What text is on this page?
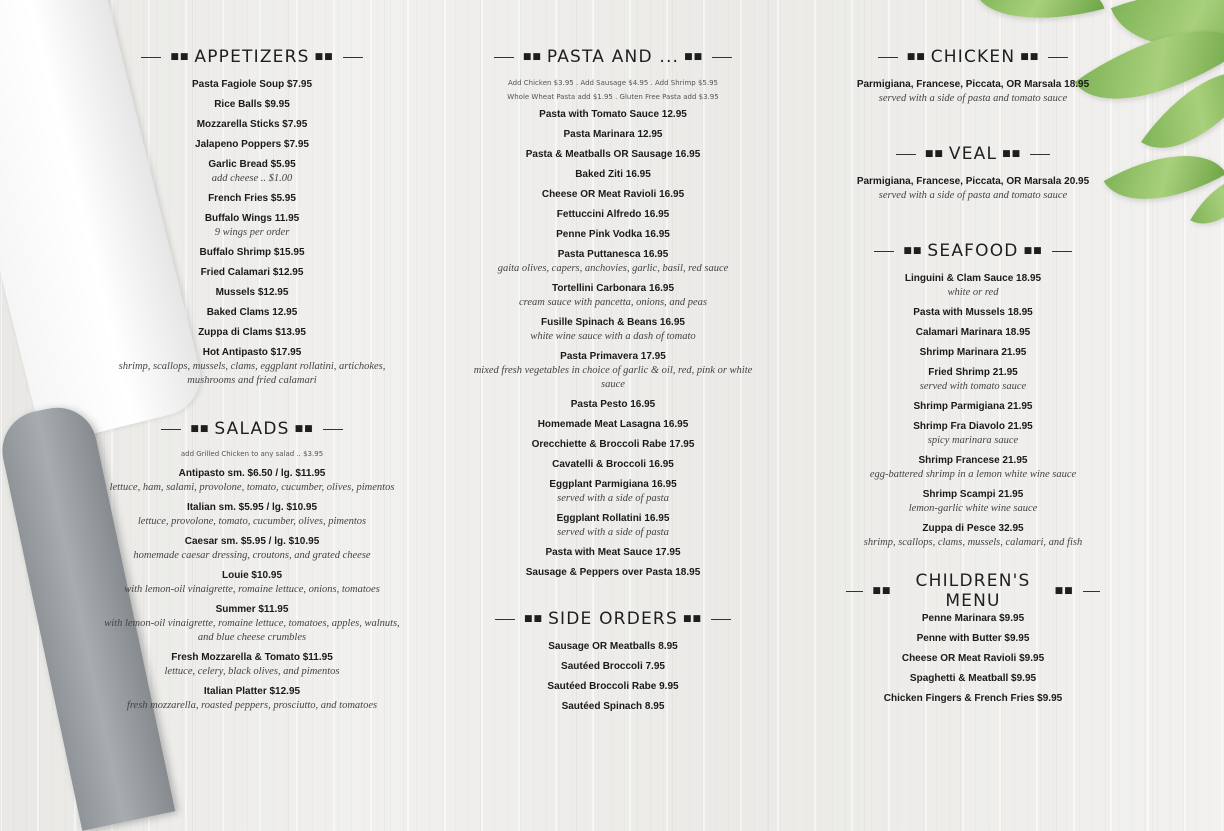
■■ APPETIZERS ■■
Pasta Fagiole Soup $7.95
Rice Balls $9.95
Mozzarella Sticks $7.95
Jalapeno Poppers $7.95
Garlic Bread $5.95
add cheese .. $1.00
French Fries $5.95
Buffalo Wings 11.95
9 wings per order
Buffalo Shrimp $15.95
Fried Calamari $12.95
Mussels $12.95
Baked Clams 12.95
Zuppa di Clams $13.95
Hot Antipasto $17.95
shrimp, scallops, mussels, clams, eggplant rollatini, artichokes, mushrooms and fried calamari
■■ SALADS ■■
add Grilled Chicken to any salad .. $3.95
Antipasto sm. $6.50 / lg. $11.95
lettuce, ham, salami, provolone, tomato, cucumber, olives, pimentos
Italian sm. $5.95 / lg. $10.95
lettuce, provolone, tomato, cucumber, olives, pimentos
Caesar sm. $5.95 / lg. $10.95
homemade caesar dressing, croutons, and grated cheese
Louie $10.95
with lemon-oil vinaigrette, romaine lettuce, onions, tomatoes
Summer $11.95
with lemon-oil vinaigrette, romaine lettuce, tomatoes, apples, walnuts, and blue cheese crumbles
Fresh Mozzarella & Tomato $11.95
lettuce, celery, black olives, and pimentos
Italian Platter $12.95
fresh mozzarella, roasted peppers, prosciutto, and tomatoes
■■ PASTA AND ... ■■
Add Chicken $3.95 . Add Sausage $4.95 . Add Shrimp $5.95
Whole Wheat Pasta add $1.95 . Gluten Free Pasta add $3.95
Pasta with Tomato Sauce 12.95
Pasta Marinara 12.95
Pasta & Meatballs OR Sausage 16.95
Baked Ziti 16.95
Cheese OR Meat Ravioli 16.95
Fettuccini Alfredo 16.95
Penne Pink Vodka 16.95
Pasta Puttanesca 16.95
gaita olives, capers, anchovies, garlic, basil, red sauce
Tortellini Carbonara 16.95
cream sauce with pancetta, onions, and peas
Fusille Spinach & Beans 16.95
white wine sauce with a dash of tomato
Pasta Primavera 17.95
mixed fresh vegetables in choice of garlic & oil, red, pink or white sauce
Pasta Pesto 16.95
Homemade Meat Lasagna 16.95
Orecchiette & Broccoli Rabe 17.95
Cavatelli & Broccoli 16.95
Eggplant Parmigiana 16.95
served with a side of pasta
Eggplant Rollatini 16.95
served with a side of pasta
Pasta with Meat Sauce 17.95
Sausage & Peppers over Pasta 18.95
■■ SIDE ORDERS ■■
Sausage OR Meatballs 8.95
Sautéed Broccoli 7.95
Sautéed Broccoli Rabe 9.95
Sautéed Spinach 8.95
■■ CHICKEN ■■
Parmigiana, Francese, Piccata, OR Marsala 18.95
served with a side of pasta and tomato sauce
■■ VEAL ■■
Parmigiana, Francese, Piccata, OR Marsala 20.95
served with a side of pasta and tomato sauce
■■ SEAFOOD ■■
Linguini & Clam Sauce 18.95
white or red
Pasta with Mussels 18.95
Calamari Marinara 18.95
Shrimp Marinara 21.95
Fried Shrimp 21.95
served with tomato sauce
Shrimp Parmigiana 21.95
Shrimp Fra Diavolo 21.95
spicy marinara sauce
Shrimp Francese 21.95
egg-battered shrimp in a lemon white wine sauce
Shrimp Scampi 21.95
lemon-garlic white wine sauce
Zuppa di Pesce 32.95
shrimp, scallops, clams, mussels, calamari, and fish
■■	CHILDREN'S MENU	■■
Penne Marinara $9.95
Penne with Butter $9.95
Cheese OR Meat Ravioli $9.95
Spaghetti & Meatball $9.95
Chicken Fingers & French Fries $9.95
